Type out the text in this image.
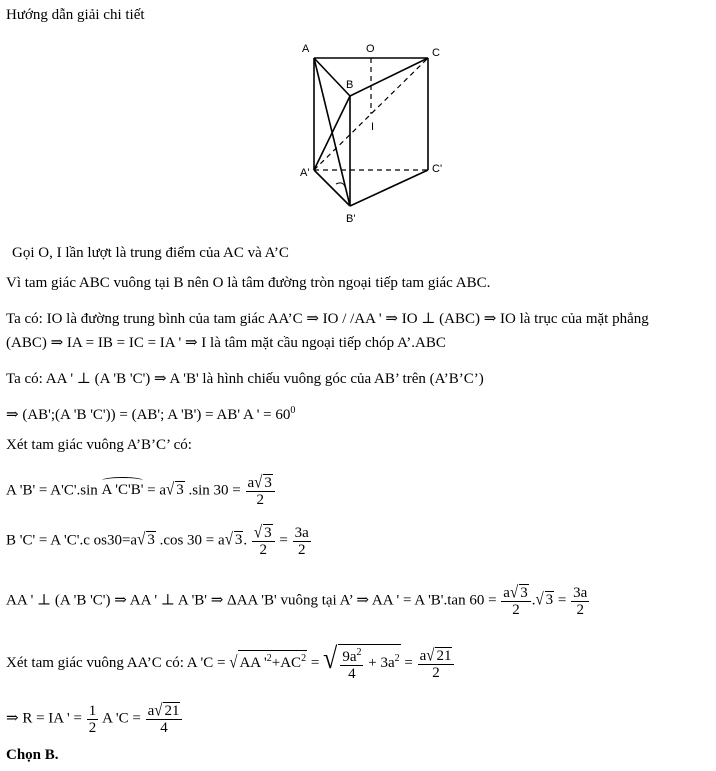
Hướng dẫn giải chi tiết
A	O	C
B
I
A'	C'
B'
Gọi O, I lần lượt là trung điểm của AC và A’C
Vì tam giác ABC vuông tại B nên O là tâm đường tròn ngoại tiếp tam giác ABC.
Ta có: IO là đường trung bình của tam giác AA’C ⇒ IO / /AA ' ⇒ IO ⊥ (ABC) ⇒ IO là trục của mặt phẳng
(ABC) ⇒ IA = IB = IC = IA ' ⇒ I là tâm mặt cầu ngoại tiếp chóp A’.ABC
Ta có: AA ' ⊥ (A 'B 'C') ⇒ A 'B' là hình chiếu vuông góc của AB’ trên (A’B’C’)
⇒ (AB';(A 'B 'C')) = (AB'; A 'B') = AB' A ' = $60^0$
Xét tam giác vuông A’B’C’ có:
A 'B' = A'C'.sin A 'C'B' = a√ 3 .sin $30 = \frac{a√ 3}{2}$
B 'C' = A 'C'.c os30=a√ 3 .cos 30 = a√ 3. $\frac{√ 3}{2} = \frac{3a}{2}$
AA ' ⊥ (A 'B 'C') ⇒ AA ' ⊥ A 'B' ⇒ ΔAA 'B' vuông tại A’ ⇒ AA ' = A 'B'.tan $60 = \frac{a√ 3}{2}$ .√ $3 = \frac{3a}{2}$
Xét tam giác vuông AA’C có: A 'C = √ AA '$^2+AC^2$ = √ $\frac{9a^2}{4} + 3a^2 = \frac{a√ 21}{2}$
⇒ R = IA ' = $\frac{1}{2}$ A '$C = \frac{a√ 21}{4}$
Chọn B.
